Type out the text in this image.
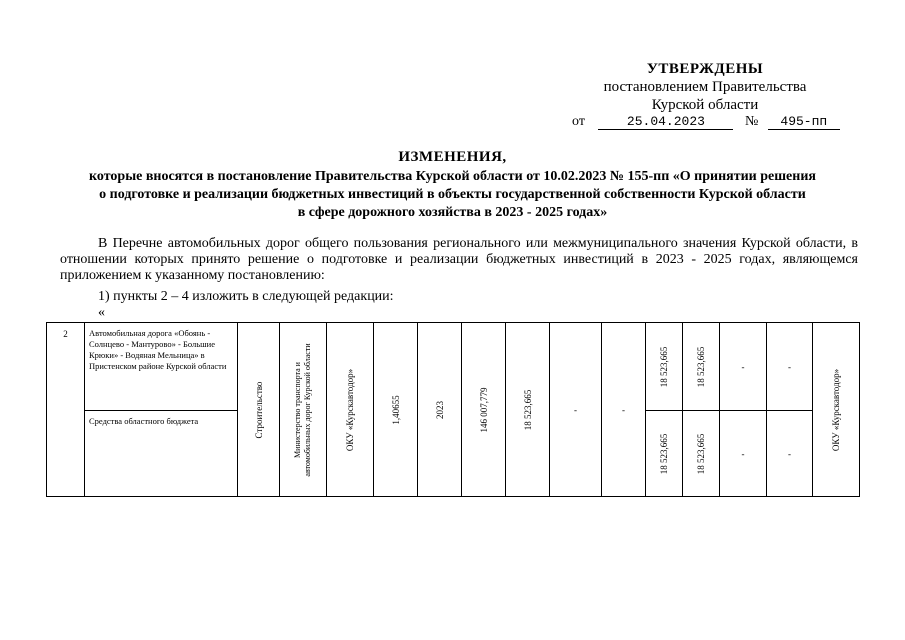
УТВЕРЖДЕНЫ
постановлением Правительства
Курской области
от	25.04.2023	№ 495-пп
ИЗМЕНЕНИЯ,
которые вносятся в постановление Правительства Курской области от 10.02.2023 № 155-пп «О принятии решения
о подготовке и реализации бюджетных инвестиций в объекты государственной собственности Курской области
в сфере дорожного хозяйства в 2023 - 2025 годах»
В Перечне автомобильных дорог общего пользования регионального или межмуниципального значения Курской области, в отношении которых принято решение о подготовке и реализации бюджетных инвестиций в 2023 - 2025 годах, являющемся приложением к указанному постановлению:
1) пункты 2 – 4 изложить в следующей редакции:
«
2	Автомобильная дорога «Обоянь - Солнцево - Мантурово» - Большие Крюки» - Водяная Мельница» в Пристенском районе Курской области	Строительство	Министерство транспорта и автомобильных дорог Курской области	ОКУ «Курскавтодор»	1,40655	2023	146 007,779	18 523,665	-	-	18 523,665	18 523,665	-	-	ОКУ «Курскавтодор»

	Средства областного бюджета										18 523,665	18 523,665	-	-	
